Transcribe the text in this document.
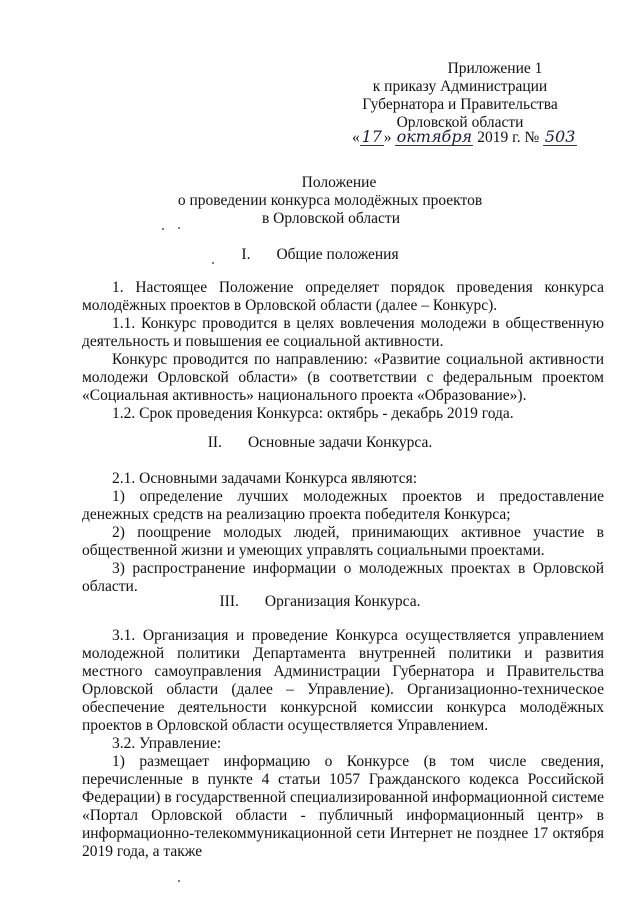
Приложение 1
к приказу Администрации
Губернатора и Правительства
Орловской области
« 17 » октября 2019 г. № 503
Положение
о проведении конкурса молодёжных проектов
в Орловской области
I. Общие положения

1. Настоящее Положение определяет порядок проведения конкурса молодёжных проектов в Орловской области (далее – Конкурс).

1.1. Конкурс проводится в целях вовлечения молодежи в общественную деятельность и повышения ее социальной активности.

Конкурс проводится по направлению: «Развитие социальной активности молодежи Орловской области» (в соответствии с федеральным проектом «Социальная активность» национального проекта «Образование»).

1.2. Срок проведения Конкурса: октябрь - декабрь 2019 года.

II. Основные задачи Конкурса.

2.1. Основными задачами Конкурса являются:

1) определение лучших молодежных проектов и предоставление денежных средств на реализацию проекта победителя Конкурса;

2) поощрение молодых людей, принимающих активное участие в общественной жизни и умеющих управлять социальными проектами.

3) распространение информации о молодежных проектах в Орловской области.

III. Организация Конкурса.

3.1. Организация и проведение Конкурса осуществляется управлением молодежной политики Департамента внутренней политики и развития местного самоуправления Администрации Губернатора и Правительства Орловской области (далее – Управление). Организационно-техническое обеспечение деятельности конкурсной комиссии конкурса молодёжных проектов в Орловской области осуществляется Управлением.

3.2. Управление:

1) размещает информацию о Конкурсе (в том числе сведения, перечисленные в пункте 4 статьи 1057 Гражданского кодекса Российской Федерации) в государственной специализированной информационной системе «Портал Орловской области - публичный информационный центр» в информационно-телекоммуникационной сети Интернет не позднее 17 октября 2019 года, а также
